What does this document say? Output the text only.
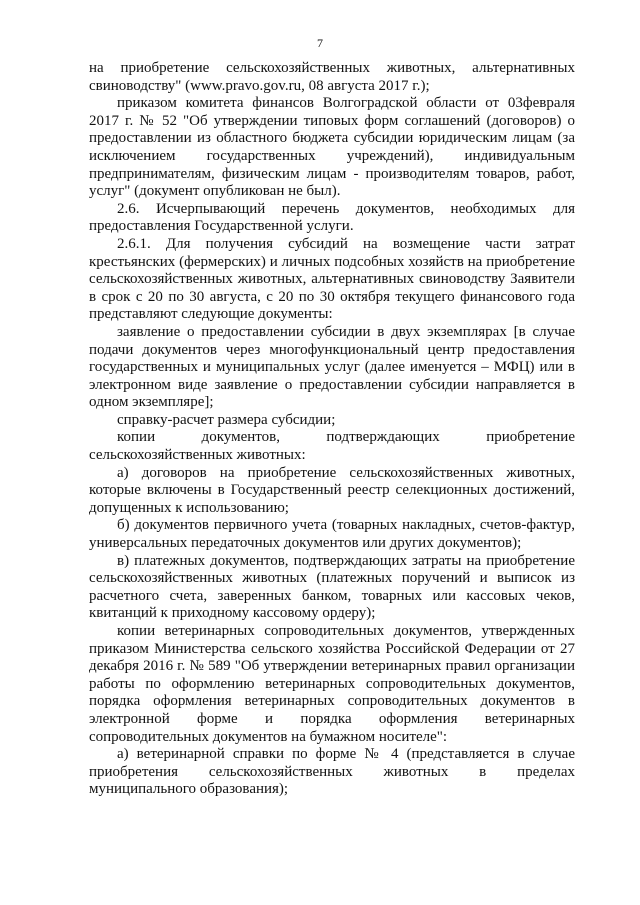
7

на приобретение сельскохозяйственных животных, альтернативных свиноводству" (www.pravo.gov.ru, 08 августа 2017 г.);

приказом комитета финансов Волгоградской области от 03февраля 2017 г. № 52 "Об утверждении типовых форм соглашений (договоров) о предоставлении из областного бюджета субсидии юридическим лицам (за исключением государственных учреждений), индивидуальным предпринимателям, физическим лицам - производителям товаров, работ, услуг" (документ опубликован не был).

2.6. Исчерпывающий перечень документов, необходимых для предоставления Государственной услуги.

2.6.1. Для получения субсидий на возмещение части затрат крестьянских (фермерских) и личных подсобных хозяйств на приобретение сельскохозяйственных животных, альтернативных свиноводству Заявители в срок с 20 по 30 августа, с 20 по 30 октября текущего финансового года представляют следующие документы:

заявление о предоставлении субсидии в двух экземплярах [в случае подачи документов через многофункциональный центр предоставления государственных и муниципальных услуг (далее именуется – МФЦ) или в электронном виде заявление о предоставлении субсидии направляется в одном экземпляре];

справку-расчет размера субсидии;

копии документов, подтверждающих приобретение сельскохозяйственных животных:

а) договоров на приобретение сельскохозяйственных животных, которые включены в Государственный реестр селекционных достижений, допущенных к использованию;

б) документов первичного учета (товарных накладных, счетов-фактур, универсальных передаточных документов или других документов);

в) платежных документов, подтверждающих затраты на приобретение сельскохозяйственных животных (платежных поручений и выписок из расчетного счета, заверенных банком, товарных или кассовых чеков, квитанций к приходному кассовому ордеру);

копии ветеринарных сопроводительных документов, утвержденных приказом Министерства сельского хозяйства Российской Федерации от 27 декабря 2016 г. № 589 "Об утверждении ветеринарных правил организации работы по оформлению ветеринарных сопроводительных документов, порядка оформления ветеринарных сопроводительных документов в электронной форме и порядка оформления ветеринарных сопроводительных документов на бумажном носителе":

а) ветеринарной справки по форме № 4 (представляется в случае приобретения сельскохозяйственных животных в пределах муниципального образования);
